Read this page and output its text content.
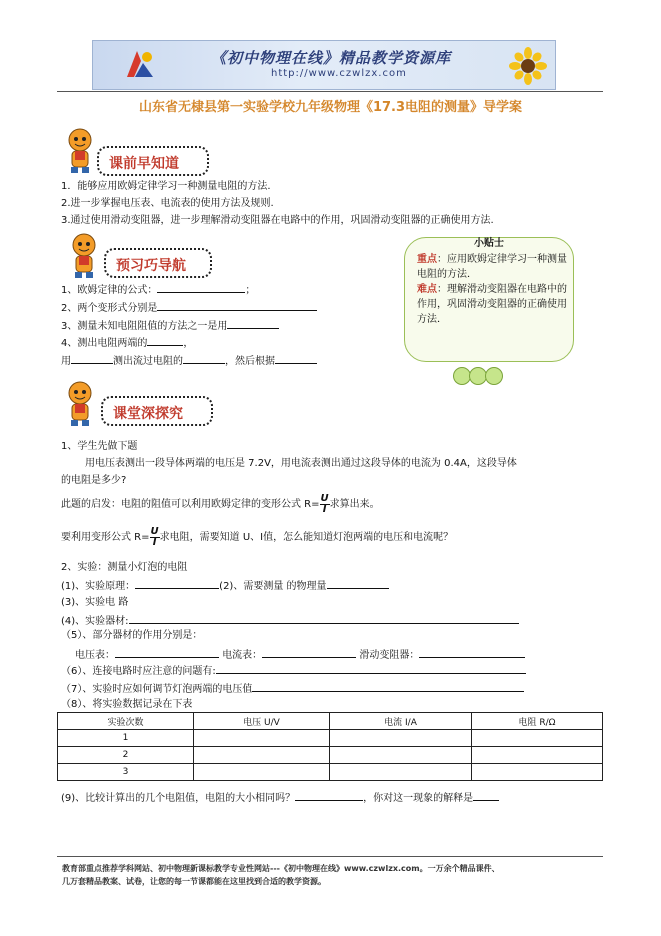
《初中物理在线》精品教学资源库
http://www.czwlzx.com
山东省无棣县第一实验学校九年级物理《17.3电阻的测量》导学案
课前早知道
1．能够应用欧姆定律学习一种测量电阻的方法.
2.进一步掌握电压表、电流表的使用方法及规则.
3.通过使用滑动变阻器，进一步理解滑动变阻器在电路中的作用，巩固滑动变阻器的正确使用方法.
预习巧导航
小贴士
重点：应用欧姆定律学习一种测量电阻的方法．
难点：理解滑动变阻器在电路中的作用，巩固滑动变阻器的正确使用方法．
1、欧姆定律的公式：	；
2、两个变形式分别是
3、测量未知电阻阻值的方法之一是用
4、测出电阻两端的	，
用	测出流过电阻的	，然后根据
课堂深探究
1、学生先做下题
用电压表测出一段导体两端的电压是 7.2V，用电流表测出通过这段导体的电流为 0.4A，这段导体
的电阻是多少?
此题的启发：电阻的阻值可以利用欧姆定律的变形公式 $R= \frac{U}{I}$ 求算出来。
要利用变形公式 $R= \frac{U}{I}$ 求电阻，需要知道 U、I值，怎么能知道灯泡两端的电压和电流呢？
2、实验：测量小灯泡的电阻
(1)、实验原理：	(2)、需要测量 的物理量
(3)、实验电 路
(4)、实验器材:
（5）、部分器材的作用分别是：
电压表：	电流表：	滑动变阻器：
（6）、连接电路时应注意的问题有:
（7）、实验时应如何调节灯泡两端的电压值
（8）、将实验数据记录在下表
实验次数	电压 U/V	电流 I/A	电阻 R/Ω
1			
2			
3			
(9)、比较计算出的几个电阻值，电阻的大小相同吗？	，你对这一现象的解释是
教育部重点推荐学科网站、初中物理新课标教学专业性网站---《初中物理在线》www.czwlzx.com。一万余个精品课件、
几万套精品教案、试卷，让您的每一节课都能在这里找到合适的教学资源。
